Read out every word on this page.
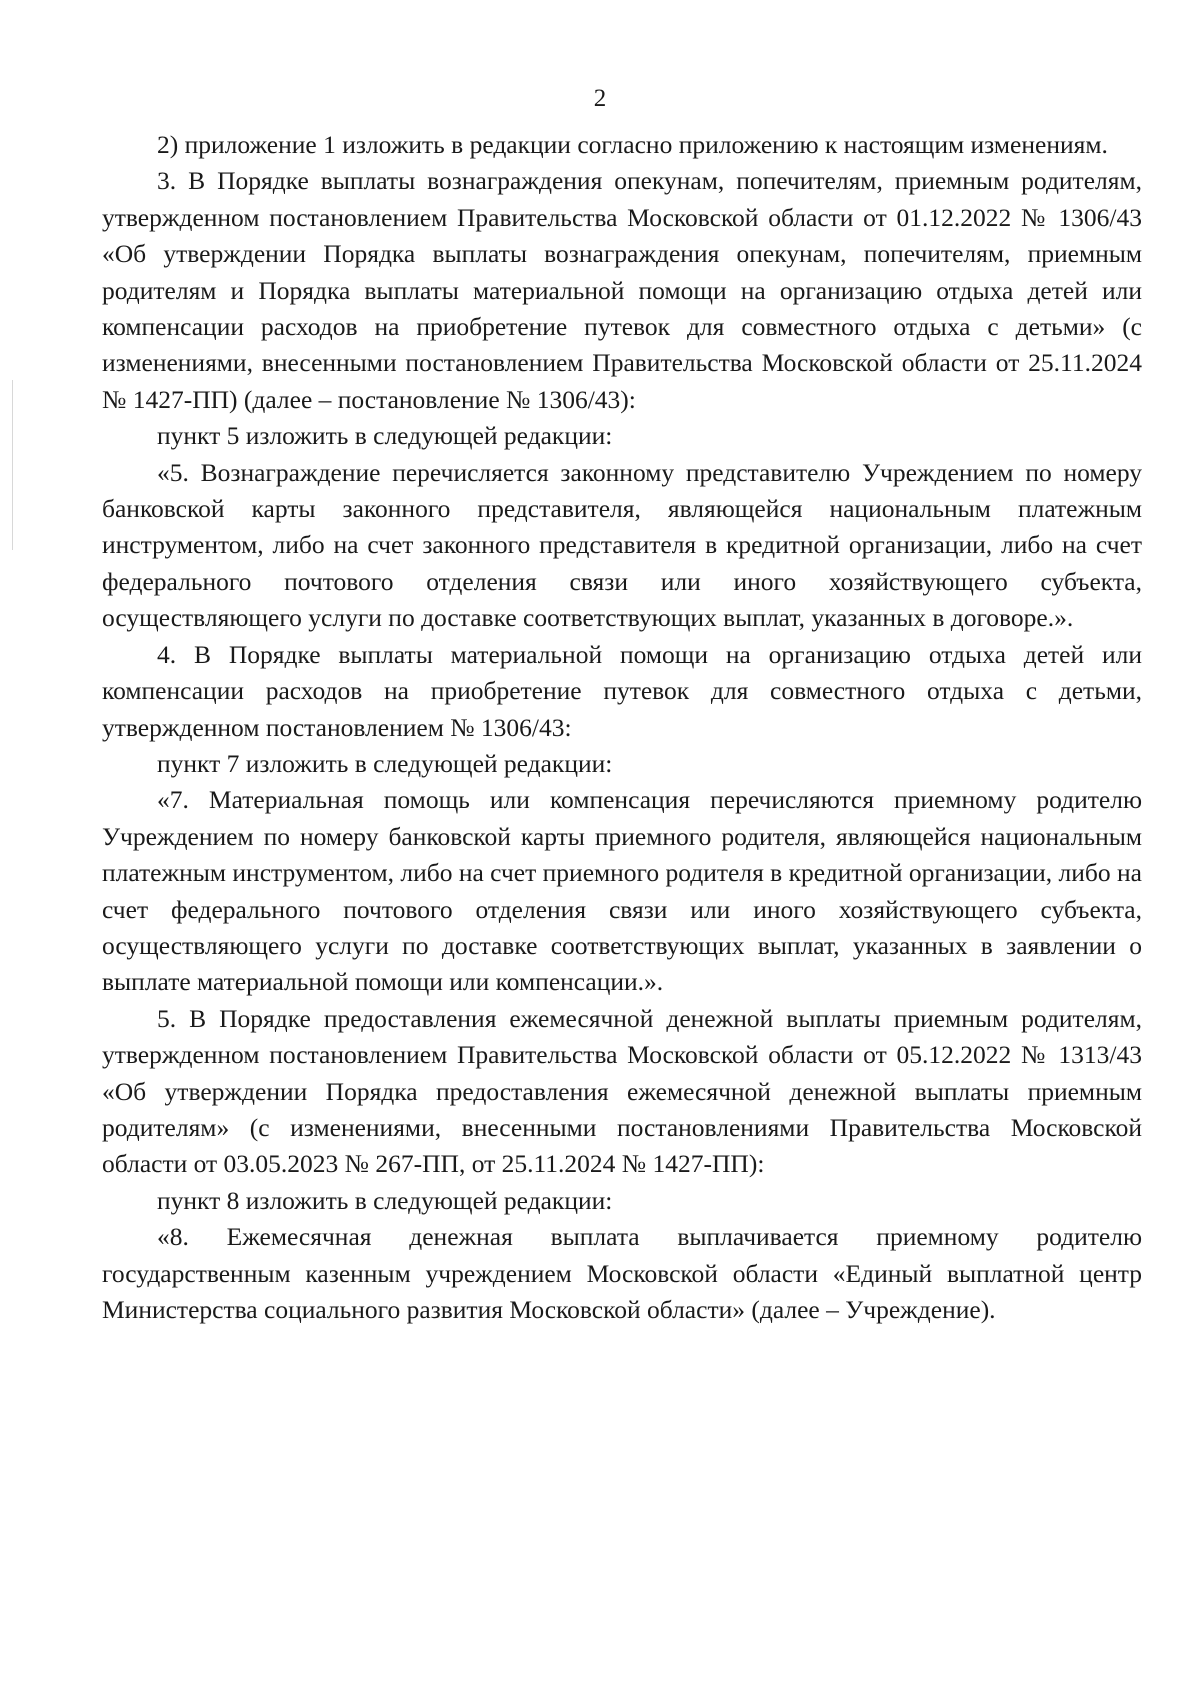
2

2) приложение 1 изложить в редакции согласно приложению к настоящим изменениям.

3. В Порядке выплаты вознаграждения опекунам, попечителям, приемным родителям, утвержденном постановлением Правительства Московской области от 01.12.2022 № 1306/43 «Об утверждении Порядка выплаты вознаграждения опекунам, попечителям, приемным родителям и Порядка выплаты материальной помощи на организацию отдыха детей или компенсации расходов на приобретение путевок для совместного отдыха с детьми» (с изменениями, внесенными постановлением Правительства Московской области от 25.11.2024 № 1427-ПП) (далее – постановление № 1306/43):

пункт 5 изложить в следующей редакции:

«5. Вознаграждение перечисляется законному представителю Учреждением по номеру банковской карты законного представителя, являющейся национальным платежным инструментом, либо на счет законного представителя в кредитной организации, либо на счет федерального почтового отделения связи или иного хозяйствующего субъекта, осуществляющего услуги по доставке соответствующих выплат, указанных в договоре.».

4. В Порядке выплаты материальной помощи на организацию отдыха детей или компенсации расходов на приобретение путевок для совместного отдыха с детьми, утвержденном постановлением № 1306/43:

пункт 7 изложить в следующей редакции:

«7. Материальная помощь или компенсация перечисляются приемному родителю Учреждением по номеру банковской карты приемного родителя, являющейся национальным платежным инструментом, либо на счет приемного родителя в кредитной организации, либо на счет федерального почтового отделения связи или иного хозяйствующего субъекта, осуществляющего услуги по доставке соответствующих выплат, указанных в заявлении о выплате материальной помощи или компенсации.».

5. В Порядке предоставления ежемесячной денежной выплаты приемным родителям, утвержденном постановлением Правительства Московской области от 05.12.2022 № 1313/43 «Об утверждении Порядка предоставления ежемесячной денежной выплаты приемным родителям» (с изменениями, внесенными постановлениями Правительства Московской области от 03.05.2023 № 267-ПП, от 25.11.2024 № 1427-ПП):

пункт 8 изложить в следующей редакции:

«8. Ежемесячная денежная выплата выплачивается приемному родителю государственным казенным учреждением Московской области «Единый выплатной центр Министерства социального развития Московской области» (далее – Учреждение).
